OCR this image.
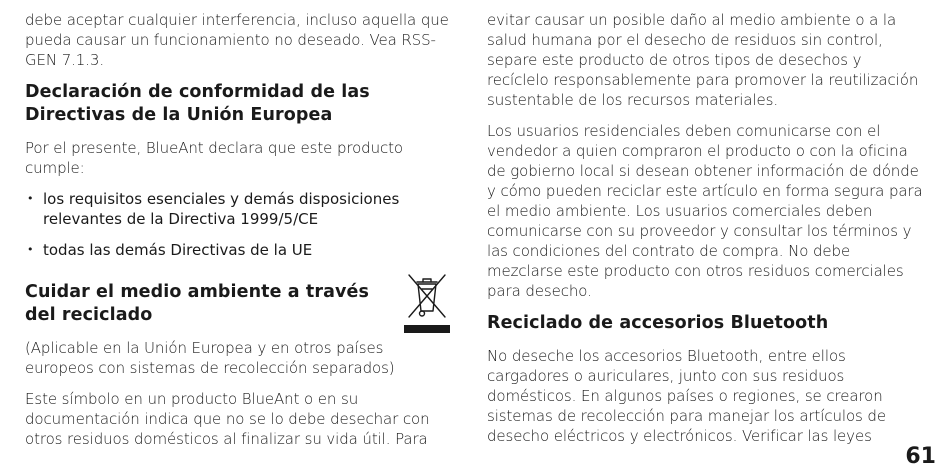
debe aceptar cualquier interferencia, incluso aquella que pueda causar un funcionamiento no deseado. Vea RSS-GEN 7.1.3.

Declaración de conformidad de las Directivas de la Unión Europea

Por el presente, BlueAnt declara que este producto cumple:

• los requisitos esenciales y demás disposiciones relevantes de la Directiva 1999/5/CE
• todas las demás Directivas de la UE
Cuidar el medio ambiente a través del reciclado

(Aplicable en la Unión Europea y en otros países europeos con sistemas de recolección separados)

Este símbolo en un producto BlueAnt o en su documentación indica que no se lo debe desechar con otros residuos domésticos al finalizar su vida útil. Para

evitar causar un posible daño al medio ambiente o a la salud humana por el desecho de residuos sin control, separe este producto de otros tipos de desechos y recíclelo responsablemente para promover la reutilización sustentable de los recursos materiales.

Los usuarios residenciales deben comunicarse con el vendedor a quien compraron el producto o con la oficina de gobierno local si desean obtener información de dónde y cómo pueden reciclar este artículo en forma segura para el medio ambiente. Los usuarios comerciales deben comunicarse con su proveedor y consultar los términos y las condiciones del contrato de compra. No debe mezclarse este producto con otros residuos comerciales para desecho.

Reciclado de accesorios Bluetooth

No deseche los accesorios Bluetooth, entre ellos cargadores o auriculares, junto con sus residuos domésticos. En algunos países o regiones, se crearon sistemas de recolección para manejar los artículos de desecho eléctricos y electrónicos. Verificar las leyes

61
